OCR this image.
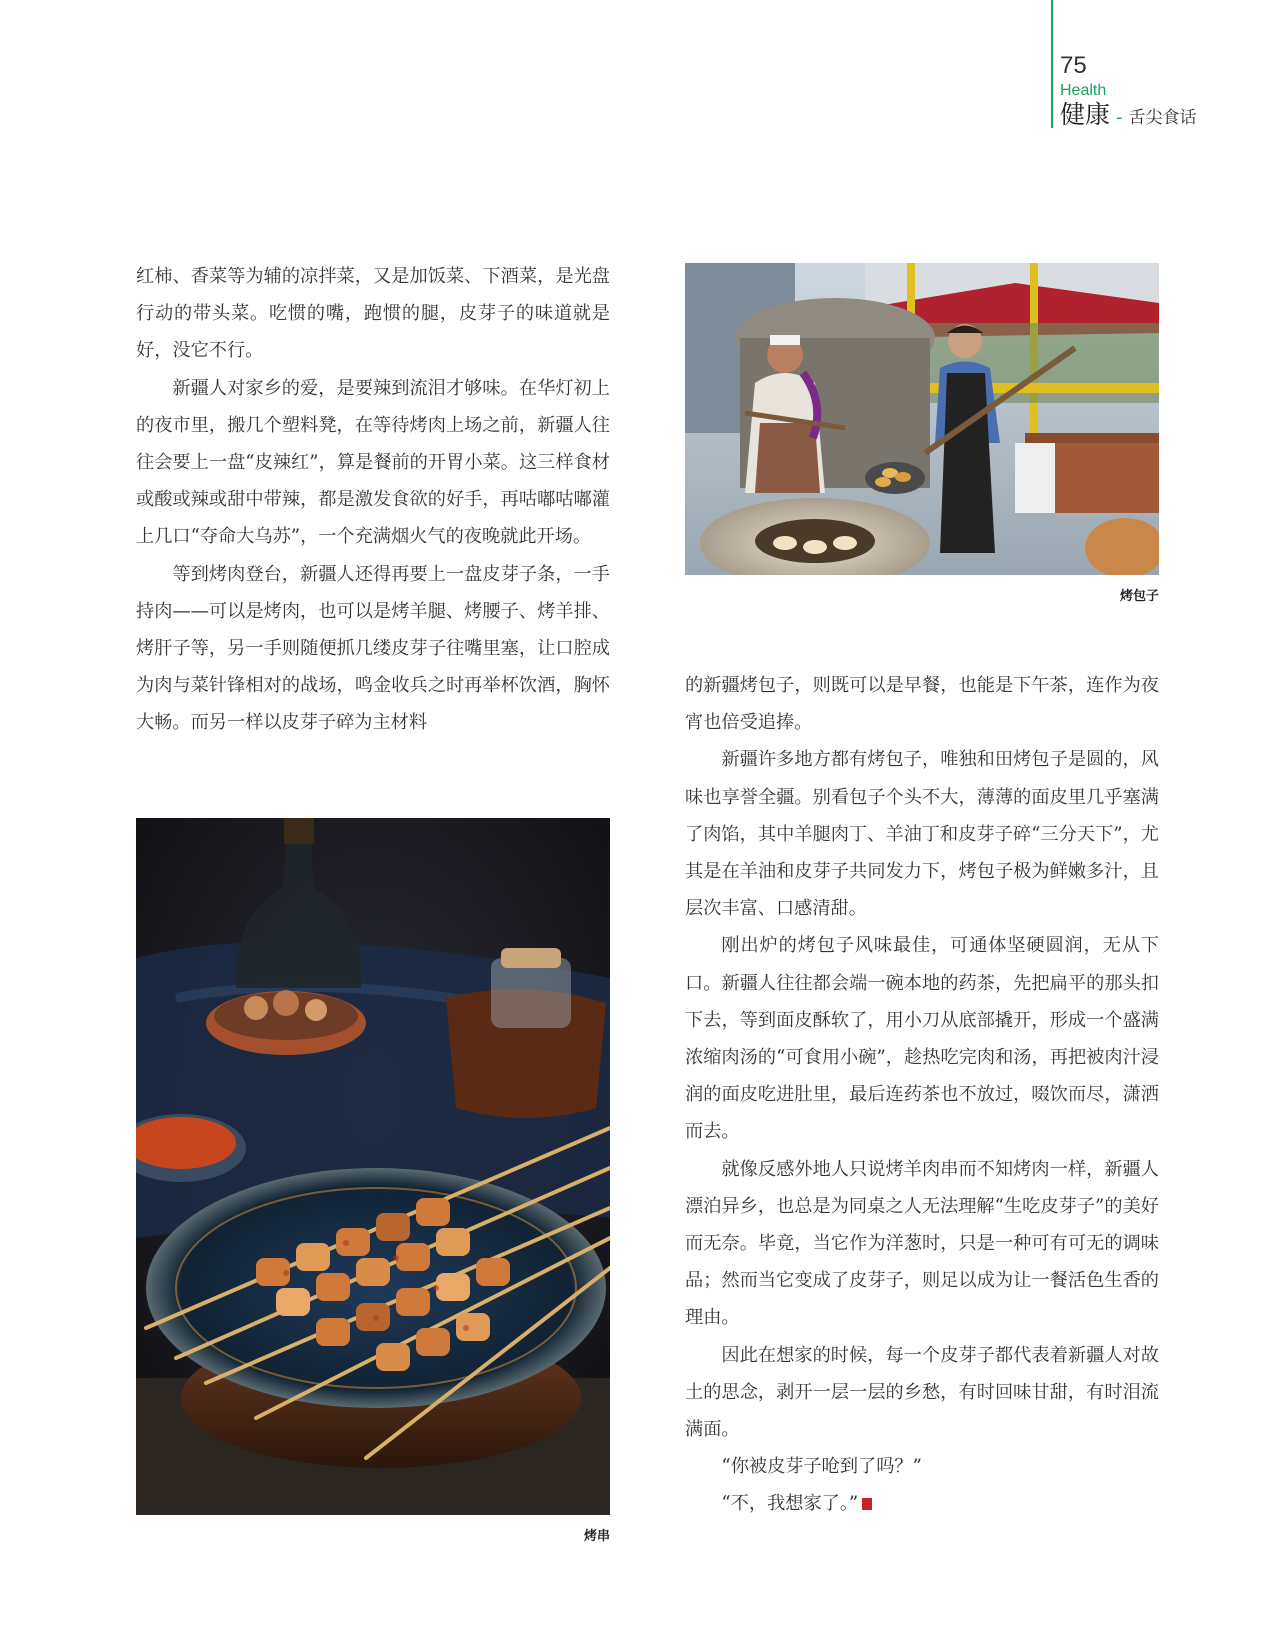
75
Health
健康 - 舌尖食话

红柿、香菜等为辅的凉拌菜，又是加饭菜、下酒菜，是光盘行动的带头菜。吃惯的嘴，跑惯的腿，皮芽子的味道就是好，没它不行。

新疆人对家乡的爱，是要辣到流泪才够味。在华灯初上的夜市里，搬几个塑料凳，在等待烤肉上场之前，新疆人往往会要上一盘“皮辣红”，算是餐前的开胃小菜。这三样食材或酸或辣或甜中带辣，都是激发食欲的好手，再咕嘟咕嘟灌上几口“夺命大乌苏”，一个充满烟火气的夜晚就此开场。

等到烤肉登台，新疆人还得再要上一盘皮芽子条，一手持肉——可以是烤肉，也可以是烤羊腿、烤腰子、烤羊排、烤肝子等，另一手则随便抓几缕皮芽子往嘴里塞，让口腔成为肉与菜针锋相对的战场，鸣金收兵之时再举杯饮酒，胸怀大畅。而另一样以皮芽子碎为主材料

的新疆烤包子，则既可以是早餐，也能是下午茶，连作为夜宵也倍受追捧。

新疆许多地方都有烤包子，唯独和田烤包子是圆的，风味也享誉全疆。别看包子个头不大，薄薄的面皮里几乎塞满了肉馅，其中羊腿肉丁、羊油丁和皮芽子碎“三分天下”，尤其是在羊油和皮芽子共同发力下，烤包子极为鲜嫩多汁，且层次丰富、口感清甜。

刚出炉的烤包子风味最佳，可通体坚硬圆润，无从下口。新疆人往往都会端一碗本地的药茶，先把扁平的那头扣下去，等到面皮酥软了，用小刀从底部撬开，形成一个盛满浓缩肉汤的“可食用小碗”，趁热吃完肉和汤，再把被肉汁浸润的面皮吃进肚里，最后连药茶也不放过，啜饮而尽，潇洒而去。

就像反感外地人只说烤羊肉串而不知烤肉一样，新疆人漂泊异乡，也总是为同桌之人无法理解“生吃皮芽子”的美好而无奈。毕竟，当它作为洋葱时，只是一种可有可无的调味品；然而当它变成了皮芽子，则足以成为让一餐活色生香的理由。

因此在想家的时候，每一个皮芽子都代表着新疆人对故土的思念，剥开一层一层的乡愁，有时回味甘甜，有时泪流满面。

“你被皮芽子呛到了吗？”

“不，我想家了。”	S

烤包子
烤串
